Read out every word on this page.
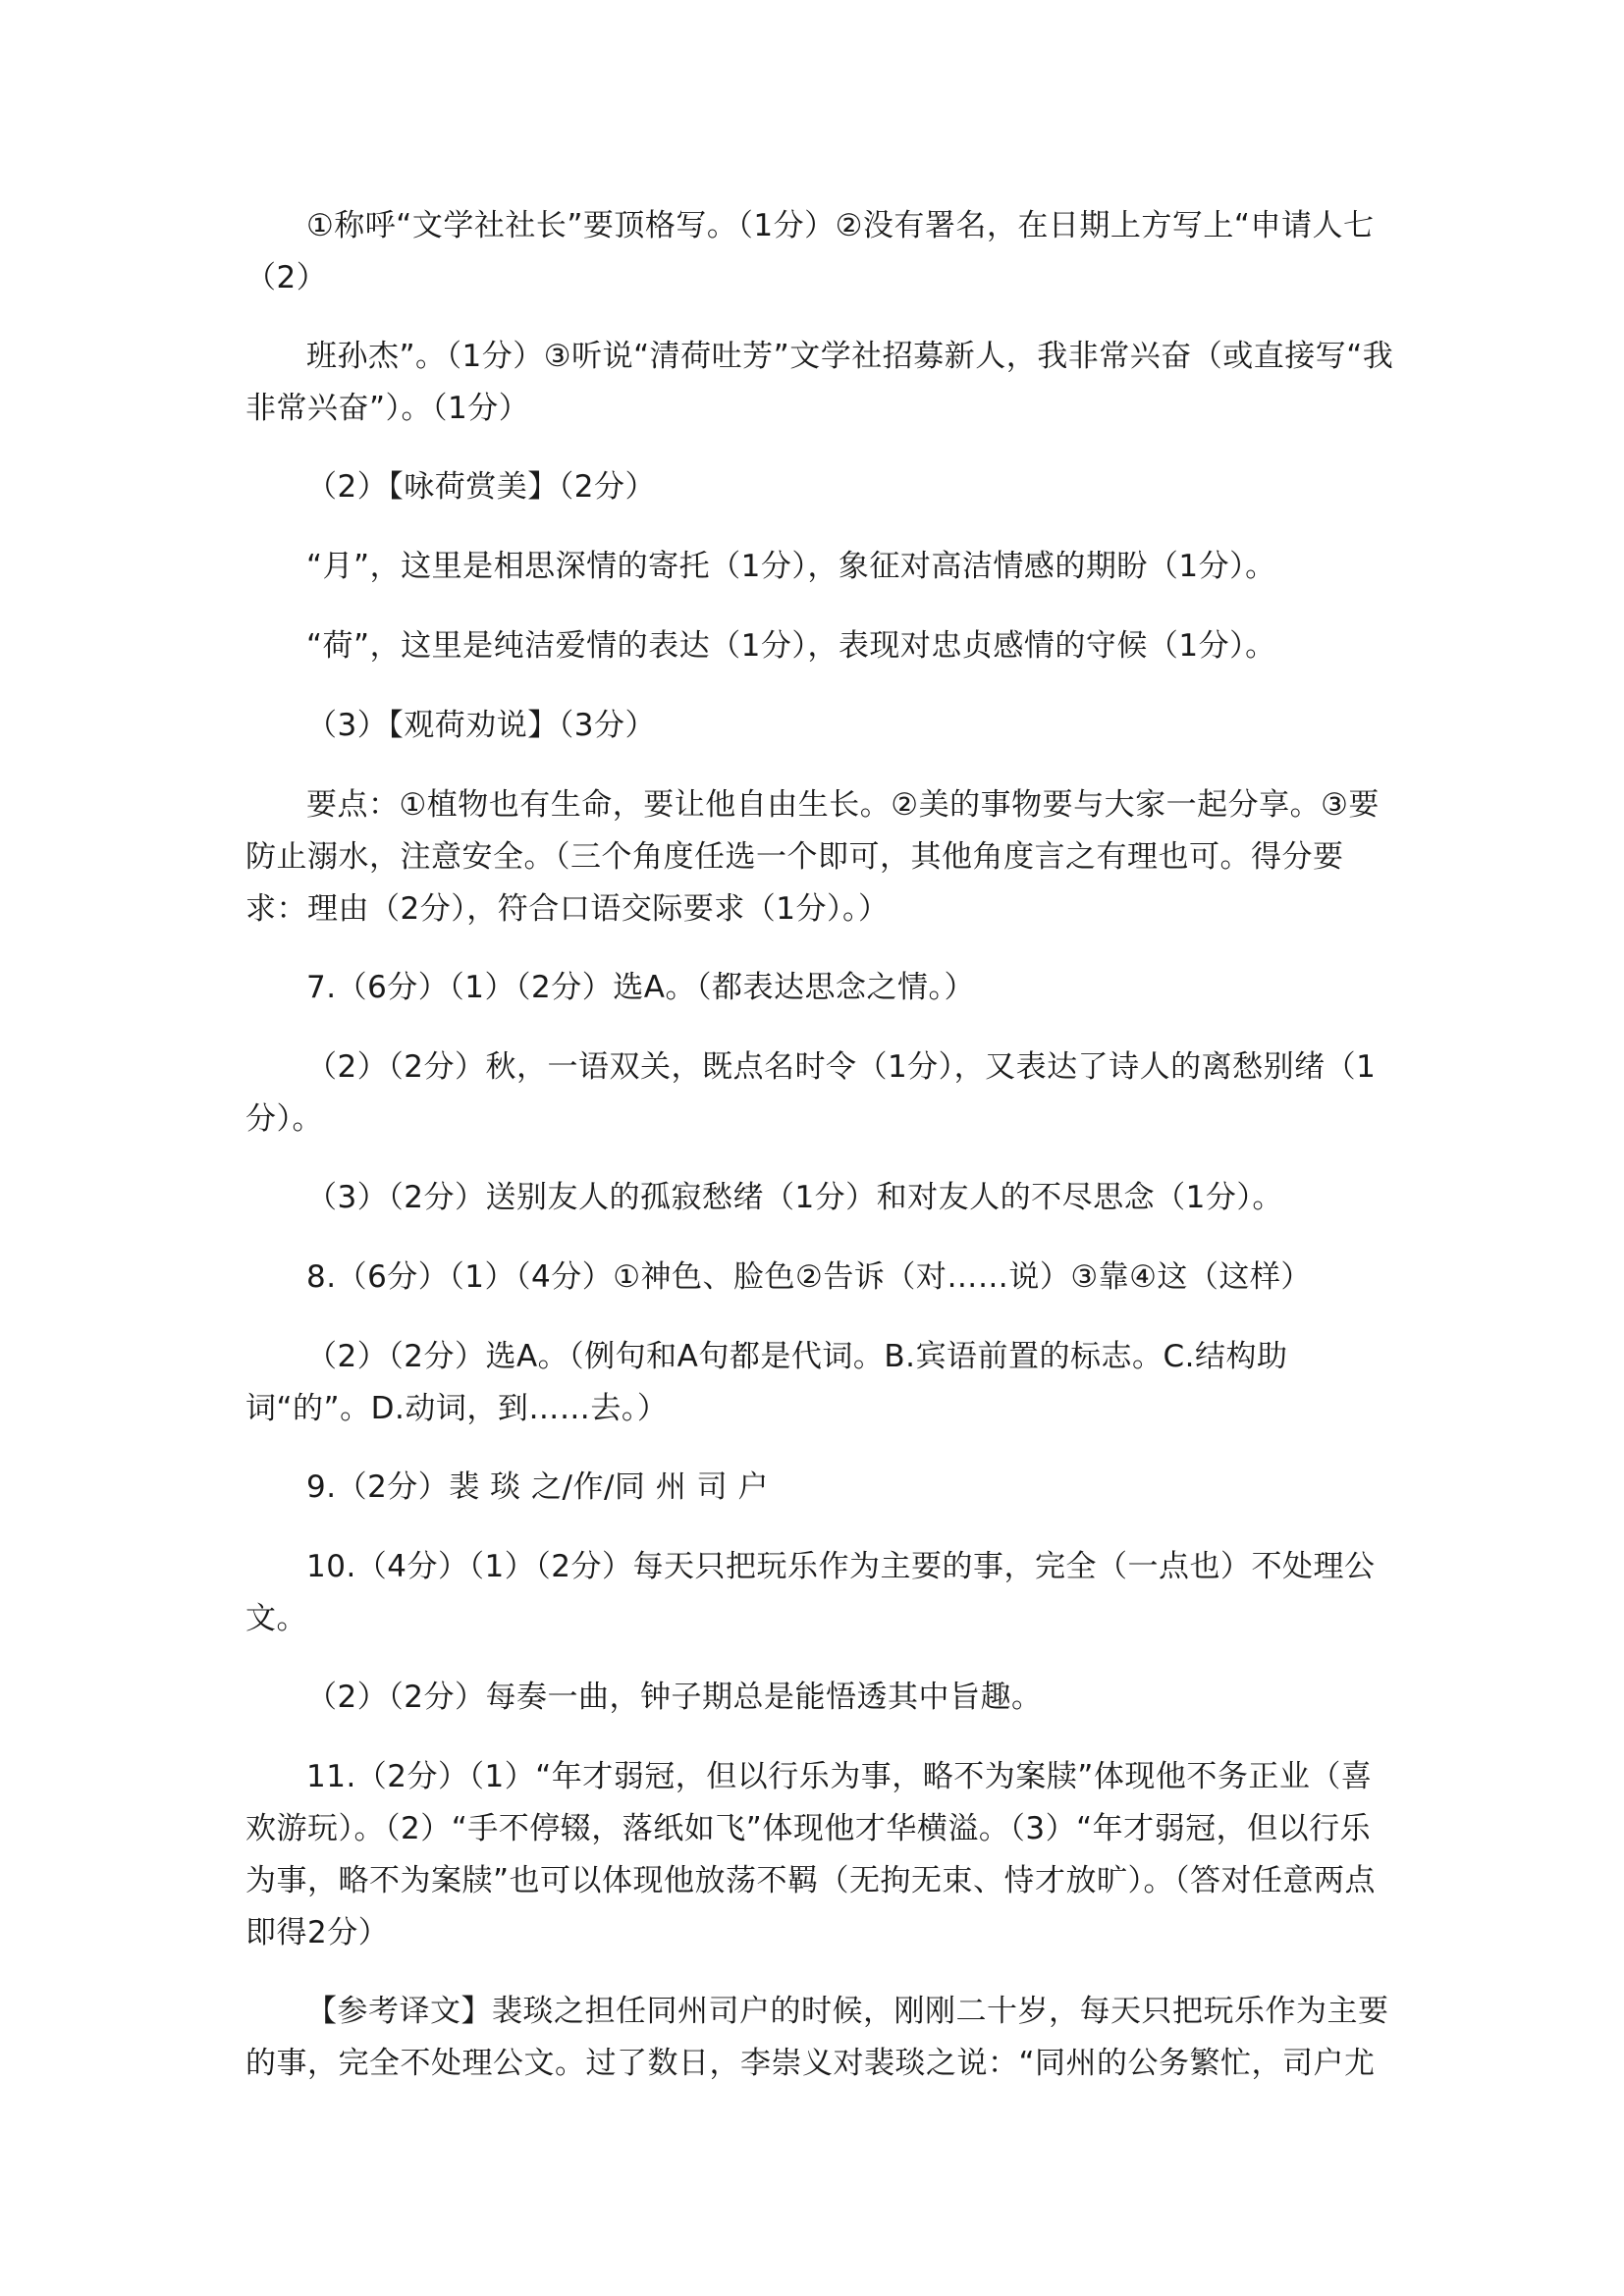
①称呼“文学社社长”要顶格写。（1分）②没有署名，在日期上方写上“申请人七（2）

班孙杰”。（1分）③听说“清荷吐芳”文学社招募新人，我非常兴奋（或直接写“我非常兴奋”）。（1分）

（2）【咏荷赏美】（2分）

“月”，这里是相思深情的寄托（1分），象征对高洁情感的期盼（1分）。

“荷”，这里是纯洁爱情的表达（1分），表现对忠贞感情的守候（1分）。

（3）【观荷劝说】（3分）

要点：①植物也有生命，要让他自由生长。②美的事物要与大家一起分享。③要防止溺水，注意安全。（三个角度任选一个即可，其他角度言之有理也可。得分要求：理由（2分），符合口语交际要求（1分）。）

7.（6分）（1）（2分）选A。（都表达思念之情。）

（2）（2分）秋，一语双关，既点名时令（1分），又表达了诗人的离愁别绪（1分）。

（3）（2分）送别友人的孤寂愁绪（1分）和对友人的不尽思念（1分）。

8.（6分）（1）（4分）①神色、脸色②告诉（对……说）③靠④这（这样）

（2）（2分）选A。（例句和A句都是代词。B.宾语前置的标志。C.结构助词“的”。D.动词，到……去。）

9.（2分）裴 琰 之/作/同 州 司 户

10.（4分）（1）（2分）每天只把玩乐作为主要的事，完全（一点也）不处理公文。

（2）（2分）每奏一曲，钟子期总是能悟透其中旨趣。

11.（2分）（1）“年才弱冠，但以行乐为事，略不为案牍”体现他不务正业（喜欢游玩）。（2）“手不停辍，落纸如飞”体现他才华横溢。（3）“年才弱冠，但以行乐为事，略不为案牍”也可以体现他放荡不羁（无拘无束、恃才放旷）。（答对任意两点即得2分）

【参考译文】裴琰之担任同州司户的时候，刚刚二十岁，每天只把玩乐作为主要的事，完全不处理公文。过了数日，李崇义对裴琰之说：“同州的公务繁忙，司户尤
